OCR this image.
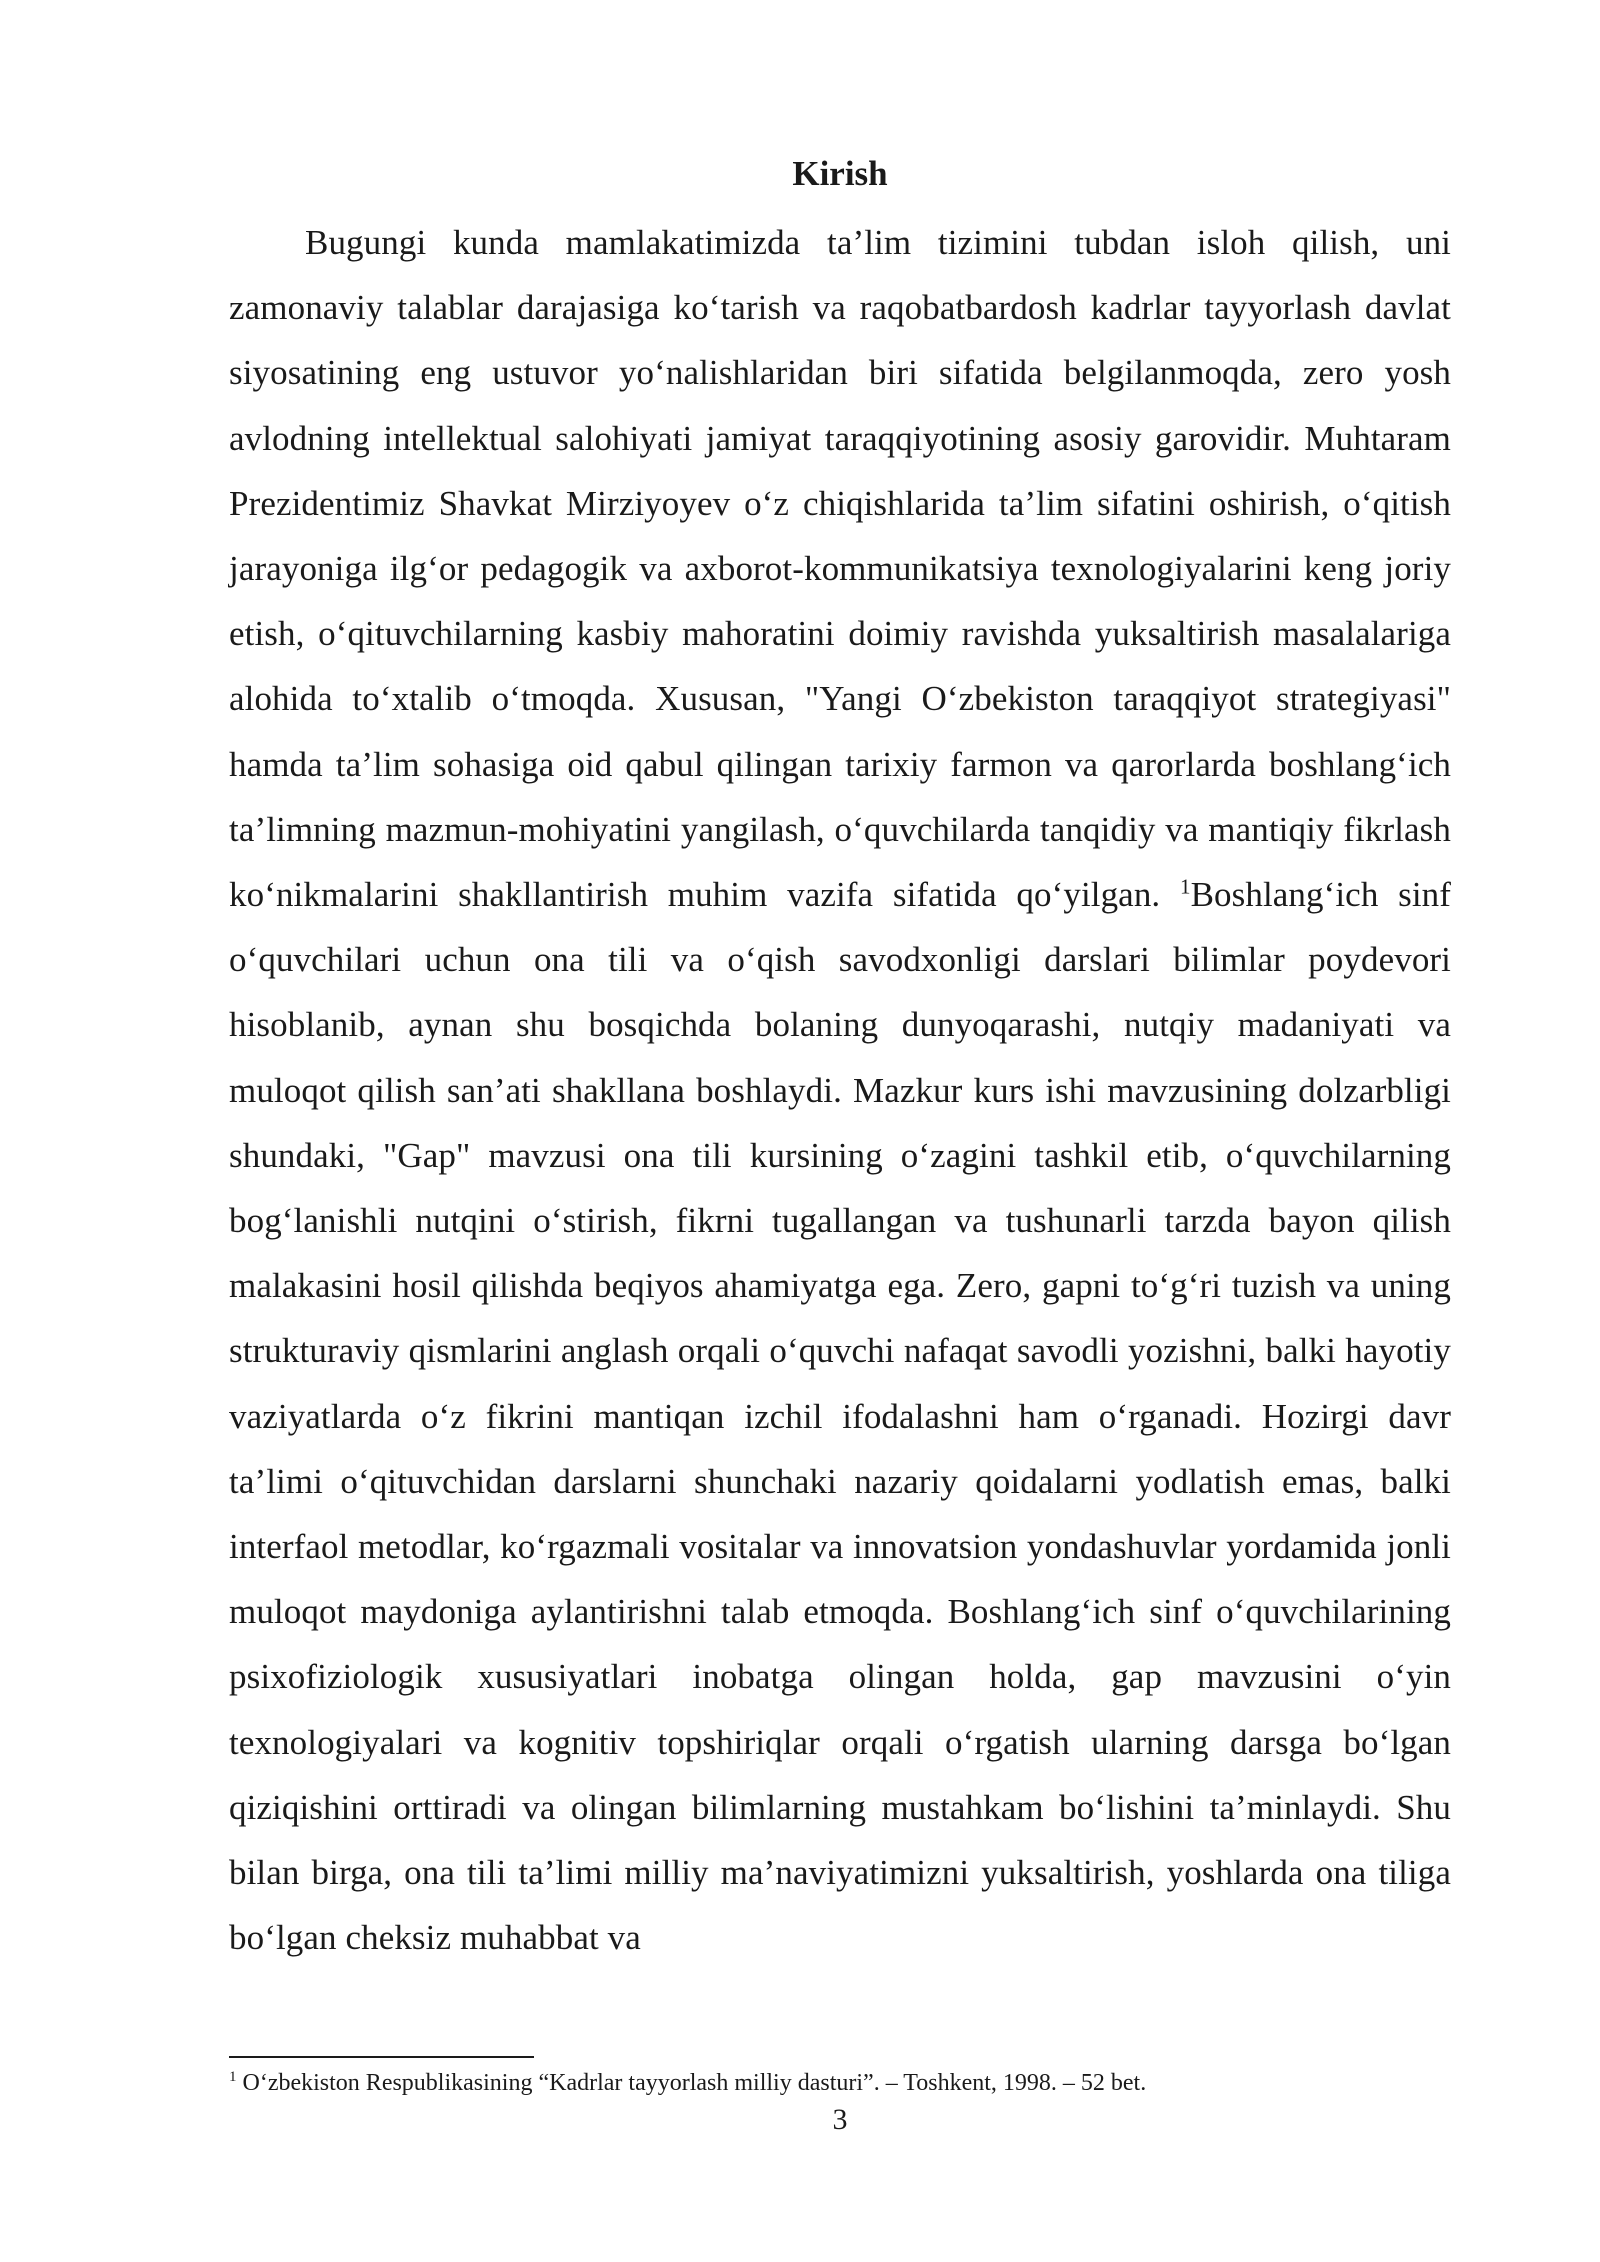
Kirish

Bugungi kunda mamlakatimizda ta’lim tizimini tubdan isloh qilish, uni zamonaviy talablar darajasiga ko‘tarish va raqobatbardosh kadrlar tayyorlash davlat siyosatining eng ustuvor yo‘nalishlaridan biri sifatida belgilanmoqda, zero yosh avlodning intellektual salohiyati jamiyat taraqqiyotining asosiy garovidir. Muhtaram Prezidentimiz Shavkat Mirziyoyev o‘z chiqishlarida ta’lim sifatini oshirish, o‘qitish jarayoniga ilg‘or pedagogik va axborot-kommunikatsiya texnologiyalarini keng joriy etish, o‘qituvchilarning kasbiy mahoratini doimiy ravishda yuksaltirish masalalariga alohida to‘xtalib o‘tmoqda. Xususan, "Yangi O‘zbekiston taraqqiyot strategiyasi" hamda ta’lim sohasiga oid qabul qilingan tarixiy farmon va qarorlarda boshlang‘ich ta’limning mazmun-mohiyatini yangilash, o‘quvchilarda tanqidiy va mantiqiy fikrlash ko‘nikmalarini shakllantirish muhim vazifa sifatida qo‘yilgan. $^1$Boshlang‘ich sinf o‘quvchilari uchun ona tili va o‘qish savodxonligi darslari bilimlar poydevori hisoblanib, aynan shu bosqichda bolaning dunyoqarashi, nutqiy madaniyati va muloqot qilish san’ati shakllana boshlaydi. Mazkur kurs ishi mavzusining dolzarbligi shundaki, "Gap" mavzusi ona tili kursining o‘zagini tashkil etib, o‘quvchilarning bog‘lanishli nutqini o‘stirish, fikrni tugallangan va tushunarli tarzda bayon qilish malakasini hosil qilishda beqiyos ahamiyatga ega. Zero, gapni to‘g‘ri tuzish va uning strukturaviy qismlarini anglash orqali o‘quvchi nafaqat savodli yozishni, balki hayotiy vaziyatlarda o‘z fikrini mantiqan izchil ifodalashni ham o‘rganadi. Hozirgi davr ta’limi o‘qituvchidan darslarni shunchaki nazariy qoidalarni yodlatish emas, balki interfaol metodlar, ko‘rgazmali vositalar va innovatsion yondashuvlar yordamida jonli muloqot maydoniga aylantirishni talab etmoqda. Boshlang‘ich sinf o‘quvchilarining psixofiziologik xususiyatlari inobatga olingan holda, gap mavzusini o‘yin texnologiyalari va kognitiv topshiriqlar orqali o‘rgatish ularning darsga bo‘lgan qiziqishini orttiradi va olingan bilimlarning mustahkam bo‘lishini ta’minlaydi. Shu bilan birga, ona tili ta’limi milliy ma’naviyatimizni yuksaltirish, yoshlarda ona tiliga bo‘lgan cheksiz muhabbat va

$^1$ O‘zbekiston Respublikasining “Kadrlar tayyorlash milliy dasturi”. – Toshkent, 1998. – 52 bet.

3
